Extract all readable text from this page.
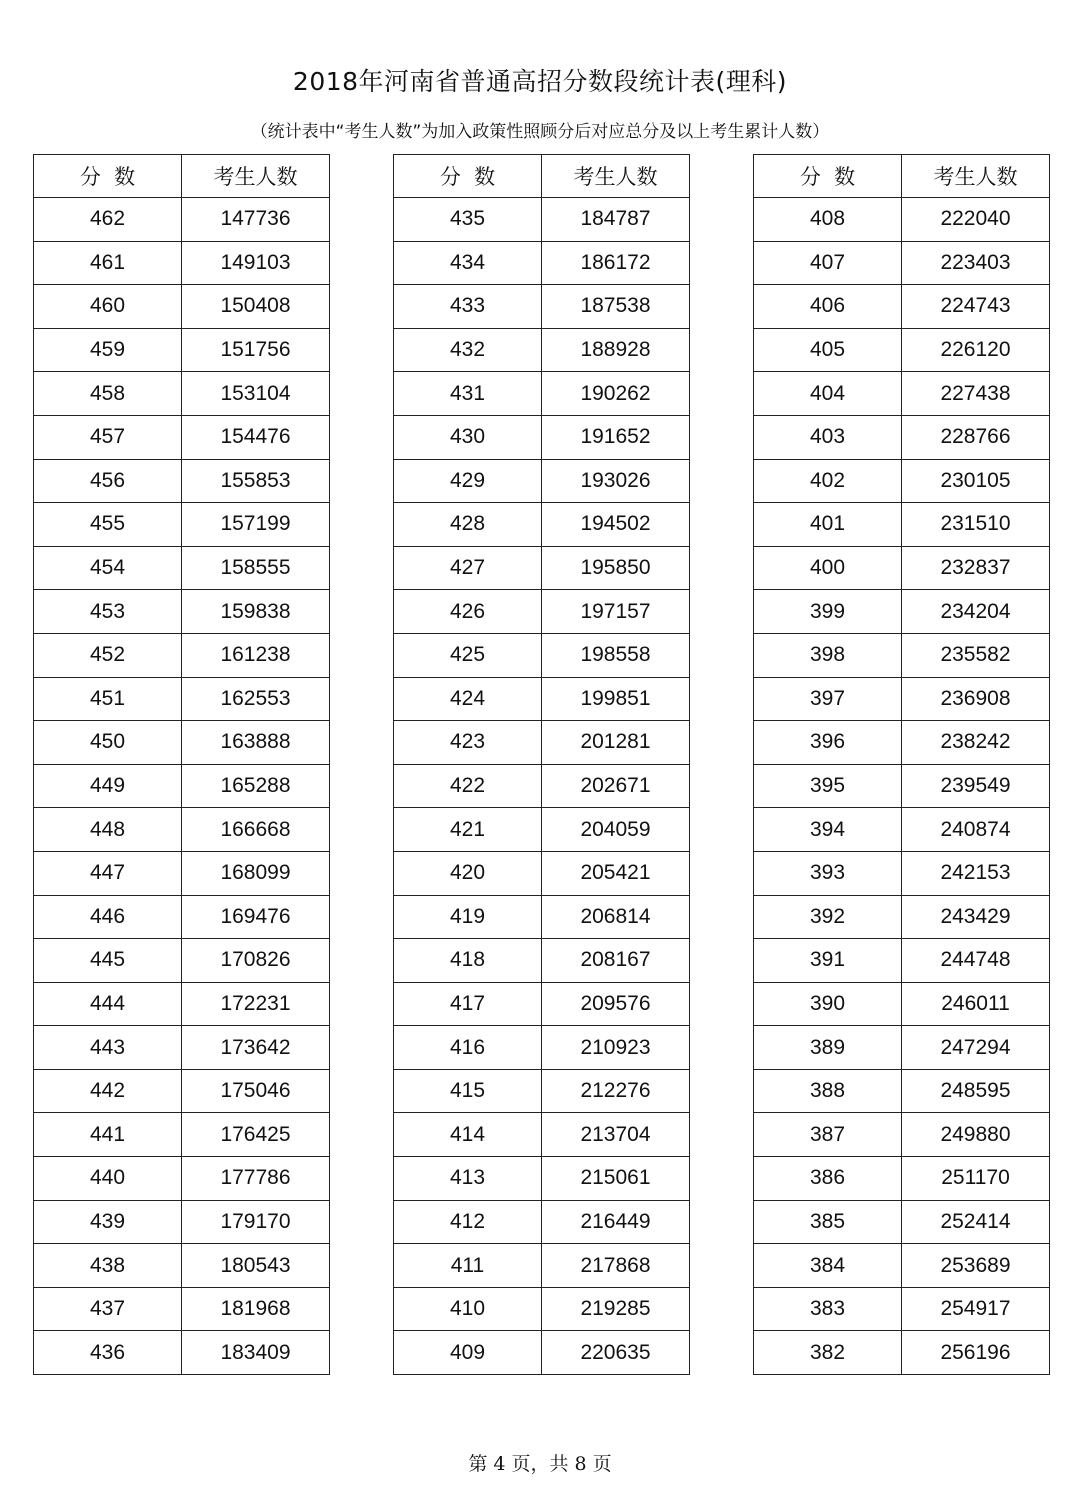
2018年河南省普通高招分数段统计表(理科)
（统计表中“考生人数”为加入政策性照顾分后对应总分及以上考生累计人数）
分  数	考生人数
462	147736
461	149103
460	150408
459	151756
458	153104
457	154476
456	155853
455	157199
454	158555
453	159838
452	161238
451	162553
450	163888
449	165288
448	166668
447	168099
446	169476
445	170826
444	172231
443	173642
442	175046
441	176425
440	177786
439	179170
438	180543
437	181968
436	183409
分  数	考生人数
435	184787
434	186172
433	187538
432	188928
431	190262
430	191652
429	193026
428	194502
427	195850
426	197157
425	198558
424	199851
423	201281
422	202671
421	204059
420	205421
419	206814
418	208167
417	209576
416	210923
415	212276
414	213704
413	215061
412	216449
411	217868
410	219285
409	220635
分  数	考生人数
408	222040
407	223403
406	224743
405	226120
404	227438
403	228766
402	230105
401	231510
400	232837
399	234204
398	235582
397	236908
396	238242
395	239549
394	240874
393	242153
392	243429
391	244748
390	246011
389	247294
388	248595
387	249880
386	251170
385	252414
384	253689
383	254917
382	256196
第 4 页，共 8 页
